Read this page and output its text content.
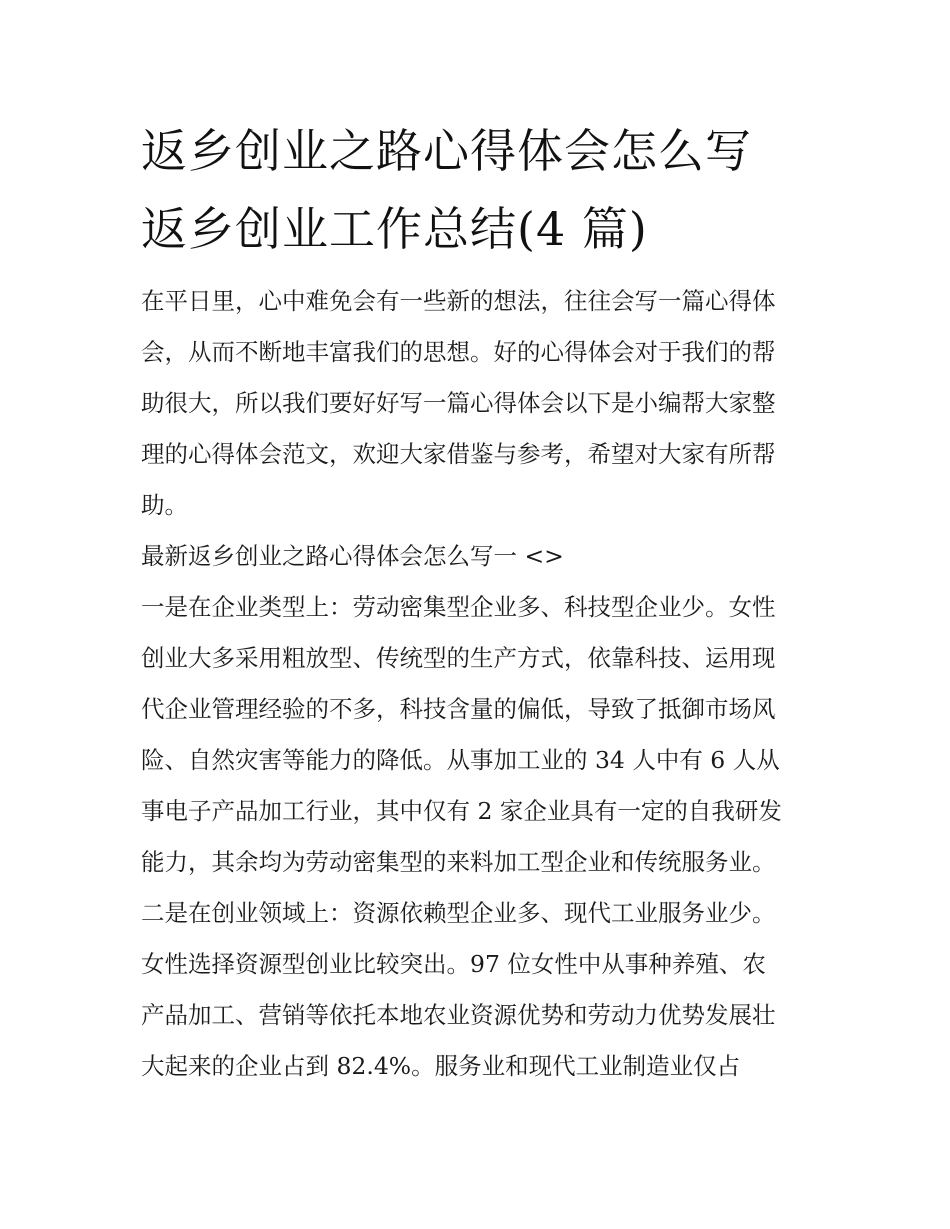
返乡创业之路心得体会怎么写
返乡创业工作总结(4 篇)
在平日里，心中难免会有一些新的想法，往往会写一篇心得体
会，从而不断地丰富我们的思想。好的心得体会对于我们的帮
助很大，所以我们要好好写一篇心得体会以下是小编帮大家整
理的心得体会范文，欢迎大家借鉴与参考，希望对大家有所帮
助。
最新返乡创业之路心得体会怎么写一 <>
一是在企业类型上：劳动密集型企业多、科技型企业少。女性
创业大多采用粗放型、传统型的生产方式，依靠科技、运用现
代企业管理经验的不多，科技含量的偏低，导致了抵御市场风
险、自然灾害等能力的降低。从事加工业的 34 人中有 6 人从
事电子产品加工行业，其中仅有 2 家企业具有一定的自我研发
能力，其余均为劳动密集型的来料加工型企业和传统服务业。
二是在创业领域上：资源依赖型企业多、现代工业服务业少。
女性选择资源型创业比较突出。97 位女性中从事种养殖、农
产品加工、营销等依托本地农业资源优势和劳动力优势发展壮
大起来的企业占到 82.4%。服务业和现代工业制造业仅占
